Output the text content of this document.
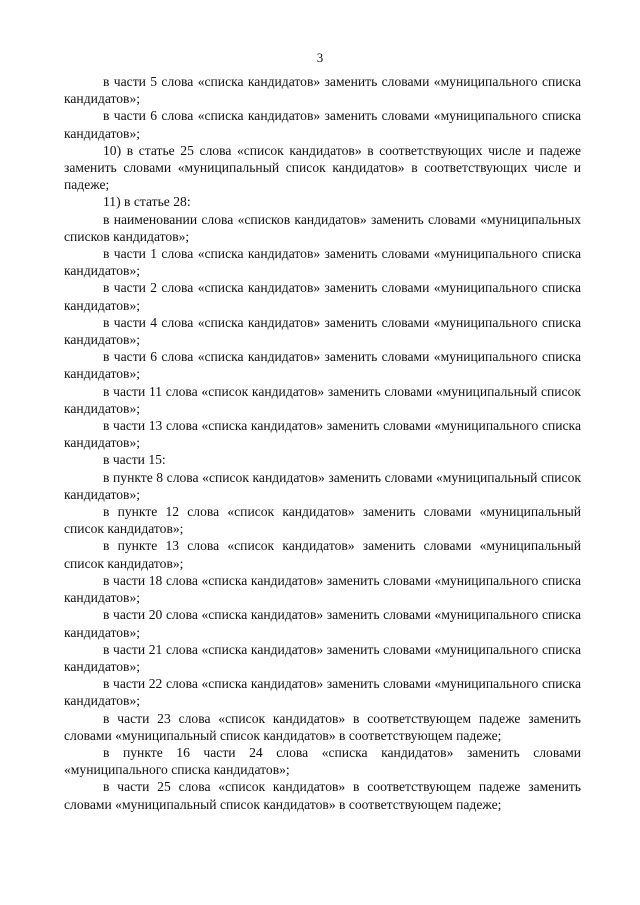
3

в части 5 слова «списка кандидатов» заменить словами «муниципального списка кандидатов»;

в части 6 слова «списка кандидатов» заменить словами «муниципального списка кандидатов»;

10) в статье 25 слова «список кандидатов» в соответствующих числе и падеже заменить словами «муниципальный список кандидатов» в соответствующих числе и падеже;

11) в статье 28:

в наименовании слова «списков кандидатов» заменить словами «муниципальных списков кандидатов»;

в части 1 слова «списка кандидатов» заменить словами «муниципального списка кандидатов»;

в части 2 слова «списка кандидатов» заменить словами «муниципального списка кандидатов»;

в части 4 слова «списка кандидатов» заменить словами «муниципального списка кандидатов»;

в части 6 слова «списка кандидатов» заменить словами «муниципального списка кандидатов»;

в части 11 слова «список кандидатов» заменить словами «муниципальный список кандидатов»;

в части 13 слова «списка кандидатов» заменить словами «муниципального списка кандидатов»;

в части 15:

в пункте 8 слова «список кандидатов» заменить словами «муниципальный список кандидатов»;

в пункте 12 слова «список кандидатов» заменить словами «муниципальный список кандидатов»;

в пункте 13 слова «список кандидатов» заменить словами «муниципальный список кандидатов»;

в части 18 слова «списка кандидатов» заменить словами «муниципального списка кандидатов»;

в части 20 слова «списка кандидатов» заменить словами «муниципального списка кандидатов»;

в части 21 слова «списка кандидатов» заменить словами «муниципального списка кандидатов»;

в части 22 слова «списка кандидатов» заменить словами «муниципального списка кандидатов»;

в части 23 слова «список кандидатов» в соответствующем падеже заменить словами «муниципальный список кандидатов» в соответствующем падеже;

в пункте 16 части 24 слова «списка кандидатов» заменить словами «муниципального списка кандидатов»;

в части 25 слова «список кандидатов» в соответствующем падеже заменить словами «муниципальный список кандидатов» в соответствующем падеже;
